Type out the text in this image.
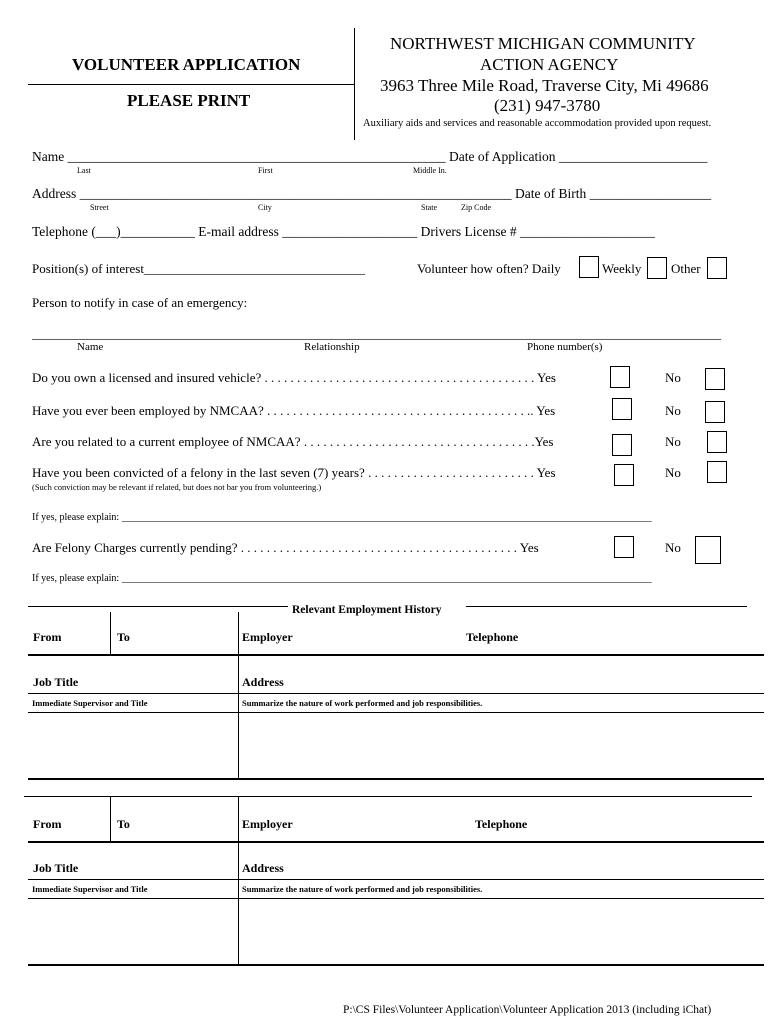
VOLUNTEER APPLICATION
PLEASE PRINT
NORTHWEST MICHIGAN COMMUNITY
ACTION AGENCY
3963 Three Mile Road, Traverse City, Mi 49686
(231) 947-3780
Auxiliary aids and services and reasonable accommodation provided upon request.
Name ________________________________________________________ Date of Application ______________________
Last	First	Middle In.
Address ________________________________________________________________ Date of Birth __________________
Street	City	State	Zip Code
Telephone (___)___________ E-mail address ____________________ Drivers License # ____________________
Position(s) of interest__________________________________	Volunteer how often? Daily	Weekly Other
Person to notify in case of an emergency:
__________________________________________________________________________________________________________
Name	Relationship	Phone number(s)
Do you own a licensed and insured vehicle? . . . . . . . . . . . . . . . . . . . . . . . . . . . . . . . . . . . . . . . . . . Yes	No
Have you ever been employed by NMCAA? . . . . . . . . . . . . . . . . . . . . . . . . . . . . . . . . . . . . . . . . .. Yes	No
Are you related to a current employee of NMCAA? . . . . . . . . . . . . . . . . . . . . . . . . . . . . . . . . . . . .Yes	No
Have you been convicted of a felony in the last seven (7) years? . . . . . . . . . . . . . . . . . . . . . . . . . . Yes	No
(Such conviction may be relevant if related, but does not bar you from volunteering.)
If yes, please explain: __________________________________________________________________________________________________________
Are Felony Charges currently pending? . . . . . . . . . . . . . . . . . . . . . . . . . . . . . . . . . . . . . . . . . . . Yes	No
If yes, please explain: __________________________________________________________________________________________________________
Relevant Employment History
From	To	Employer	Telephone
Job Title	Address
Immediate Supervisor and Title	Summarize the nature of work performed and job responsibilities.
From	To	Employer	Telephone
Job Title	Address
Immediate Supervisor and Title	Summarize the nature of work performed and job responsibilities.
P:\CS Files\Volunteer Application\Volunteer Application 2013 (including iChat)
